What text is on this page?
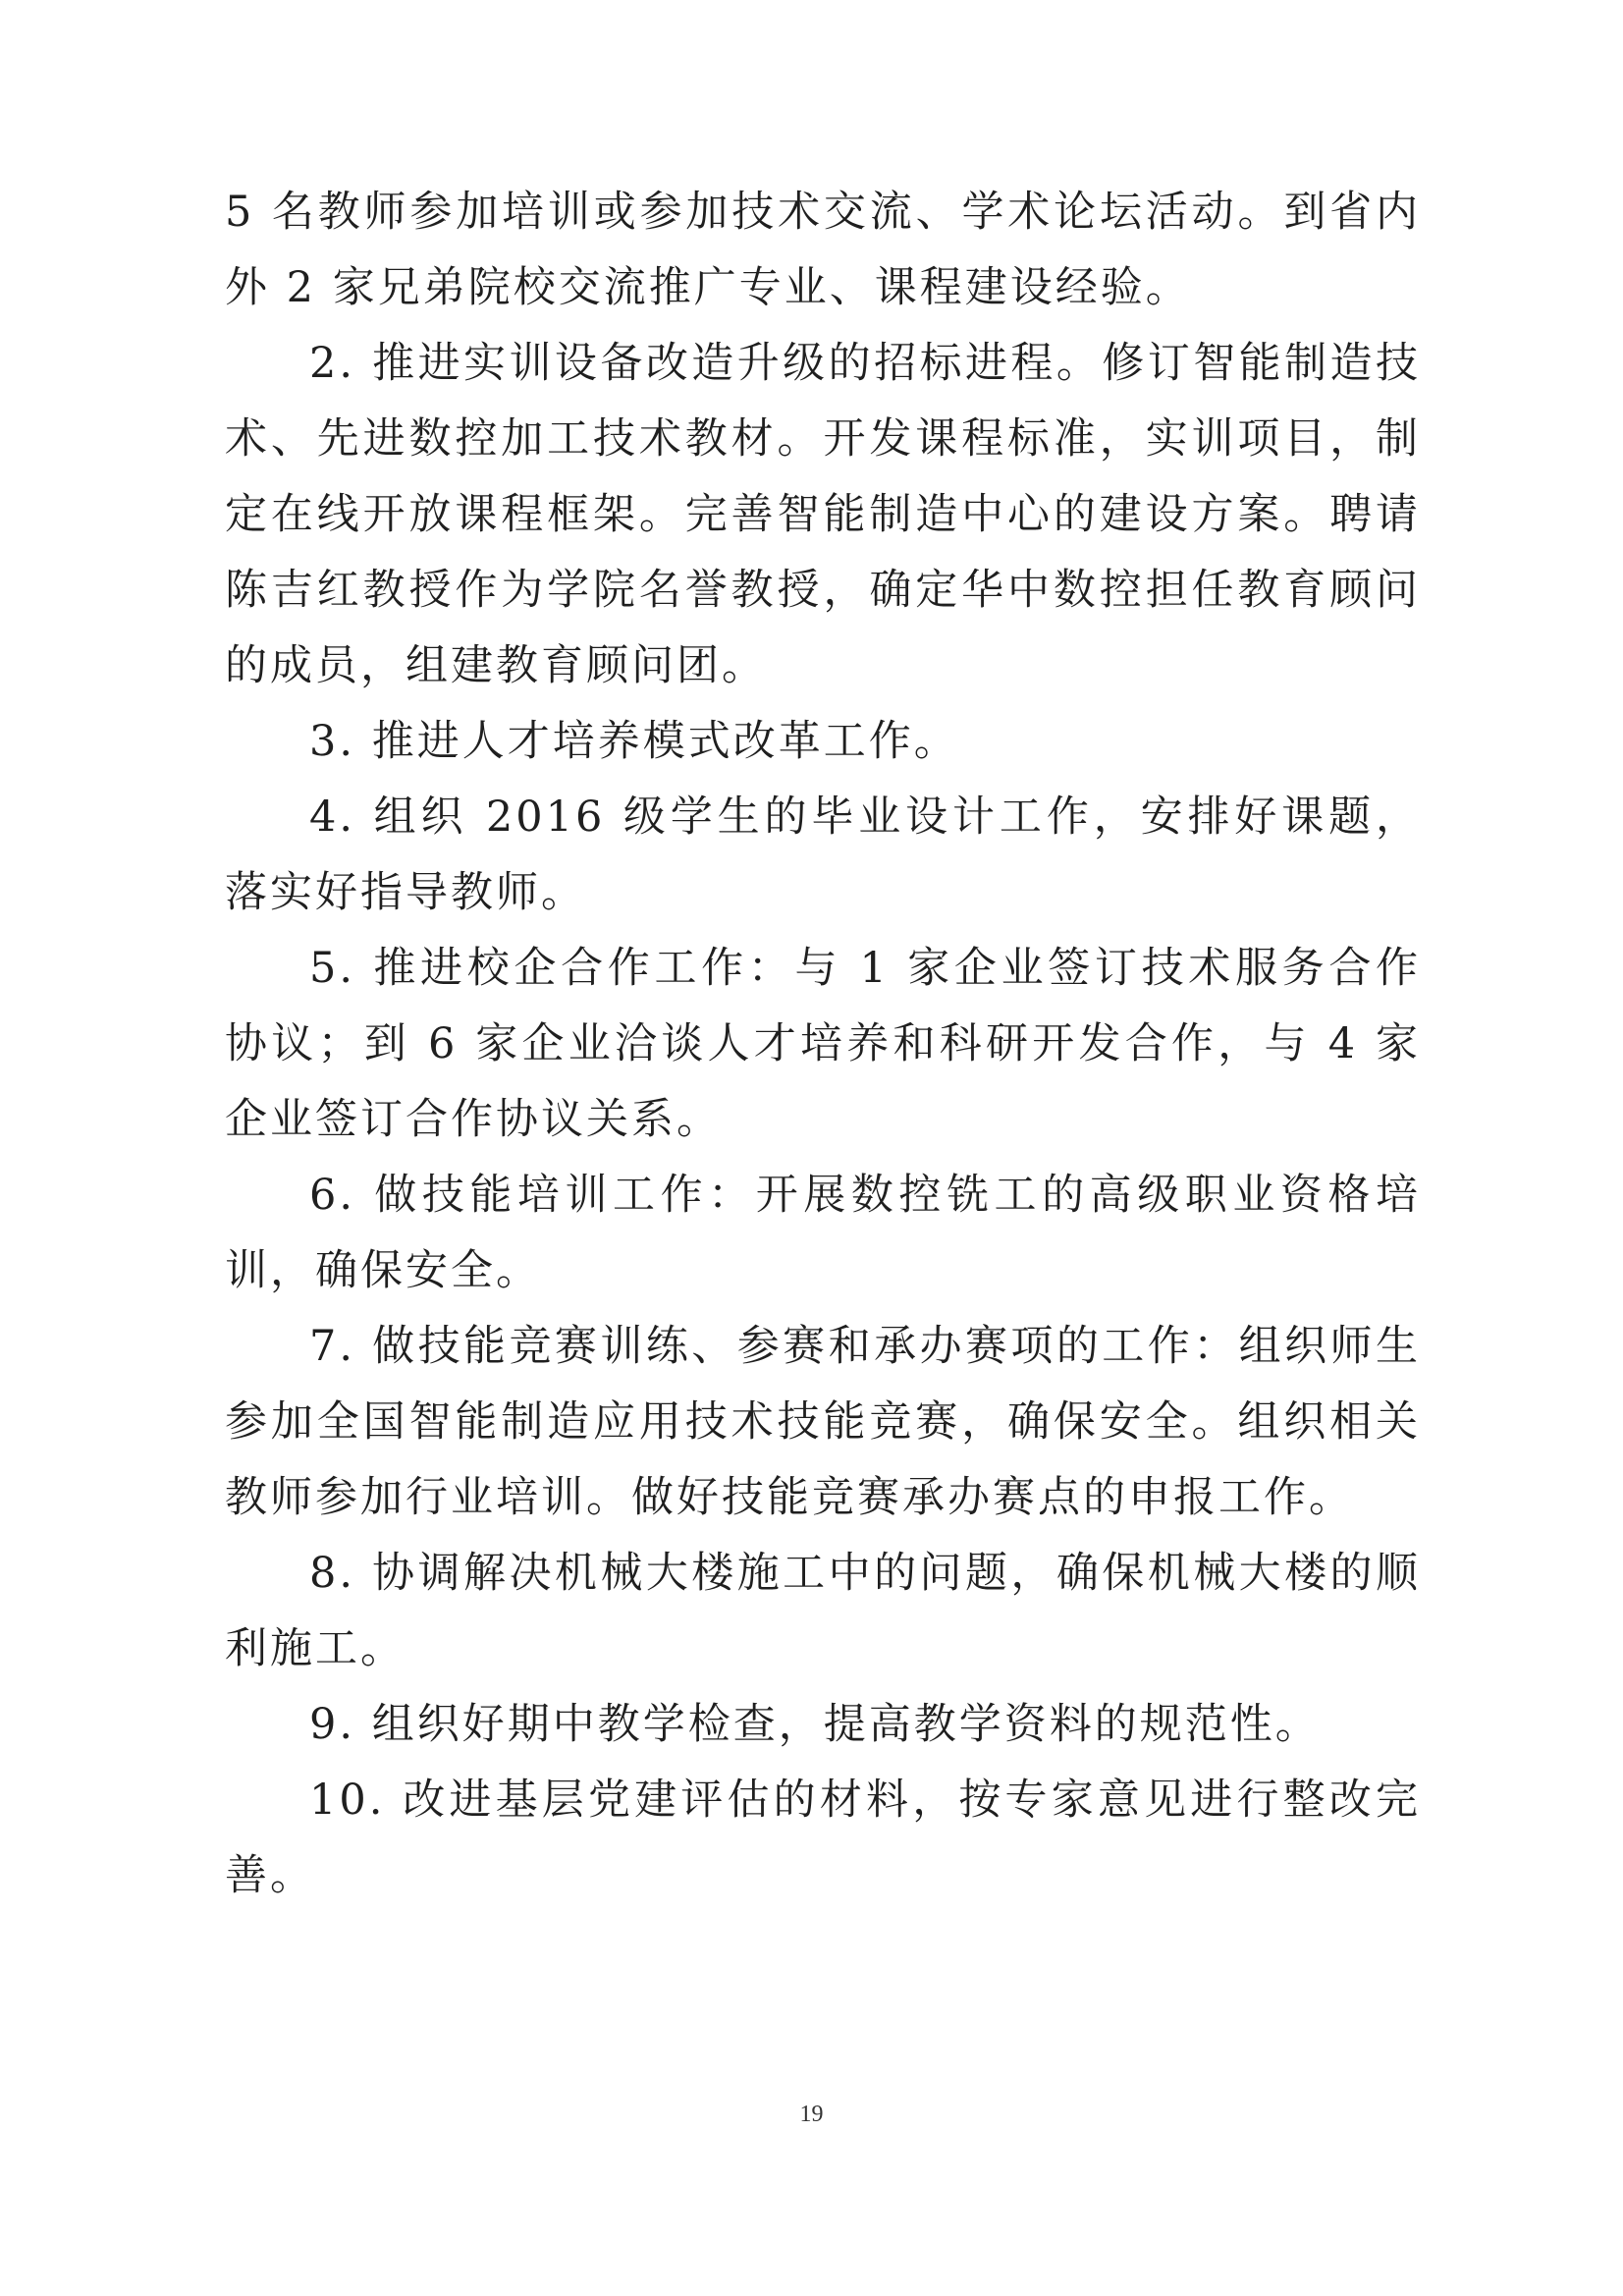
5 名教师参加培训或参加技术交流、学术论坛活动。到省内外 2 家兄弟院校交流推广专业、课程建设经验。

2. 推进实训设备改造升级的招标进程。修订智能制造技术、先进数控加工技术教材。开发课程标准，实训项目，制定在线开放课程框架。完善智能制造中心的建设方案。聘请陈吉红教授作为学院名誉教授，确定华中数控担任教育顾问的成员，组建教育顾问团。

3. 推进人才培养模式改革工作。

4. 组织 2016 级学生的毕业设计工作，安排好课题，落实好指导教师。

5. 推进校企合作工作：与 1 家企业签订技术服务合作协议；到 6 家企业洽谈人才培养和科研开发合作，与 4 家企业签订合作协议关系。

6. 做技能培训工作：开展数控铣工的高级职业资格培训，确保安全。

7. 做技能竞赛训练、参赛和承办赛项的工作：组织师生参加全国智能制造应用技术技能竞赛，确保安全。组织相关教师参加行业培训。做好技能竞赛承办赛点的申报工作。

8. 协调解决机械大楼施工中的问题，确保机械大楼的顺利施工。

9. 组织好期中教学检查，提高教学资料的规范性。

10. 改进基层党建评估的材料，按专家意见进行整改完善。

19
